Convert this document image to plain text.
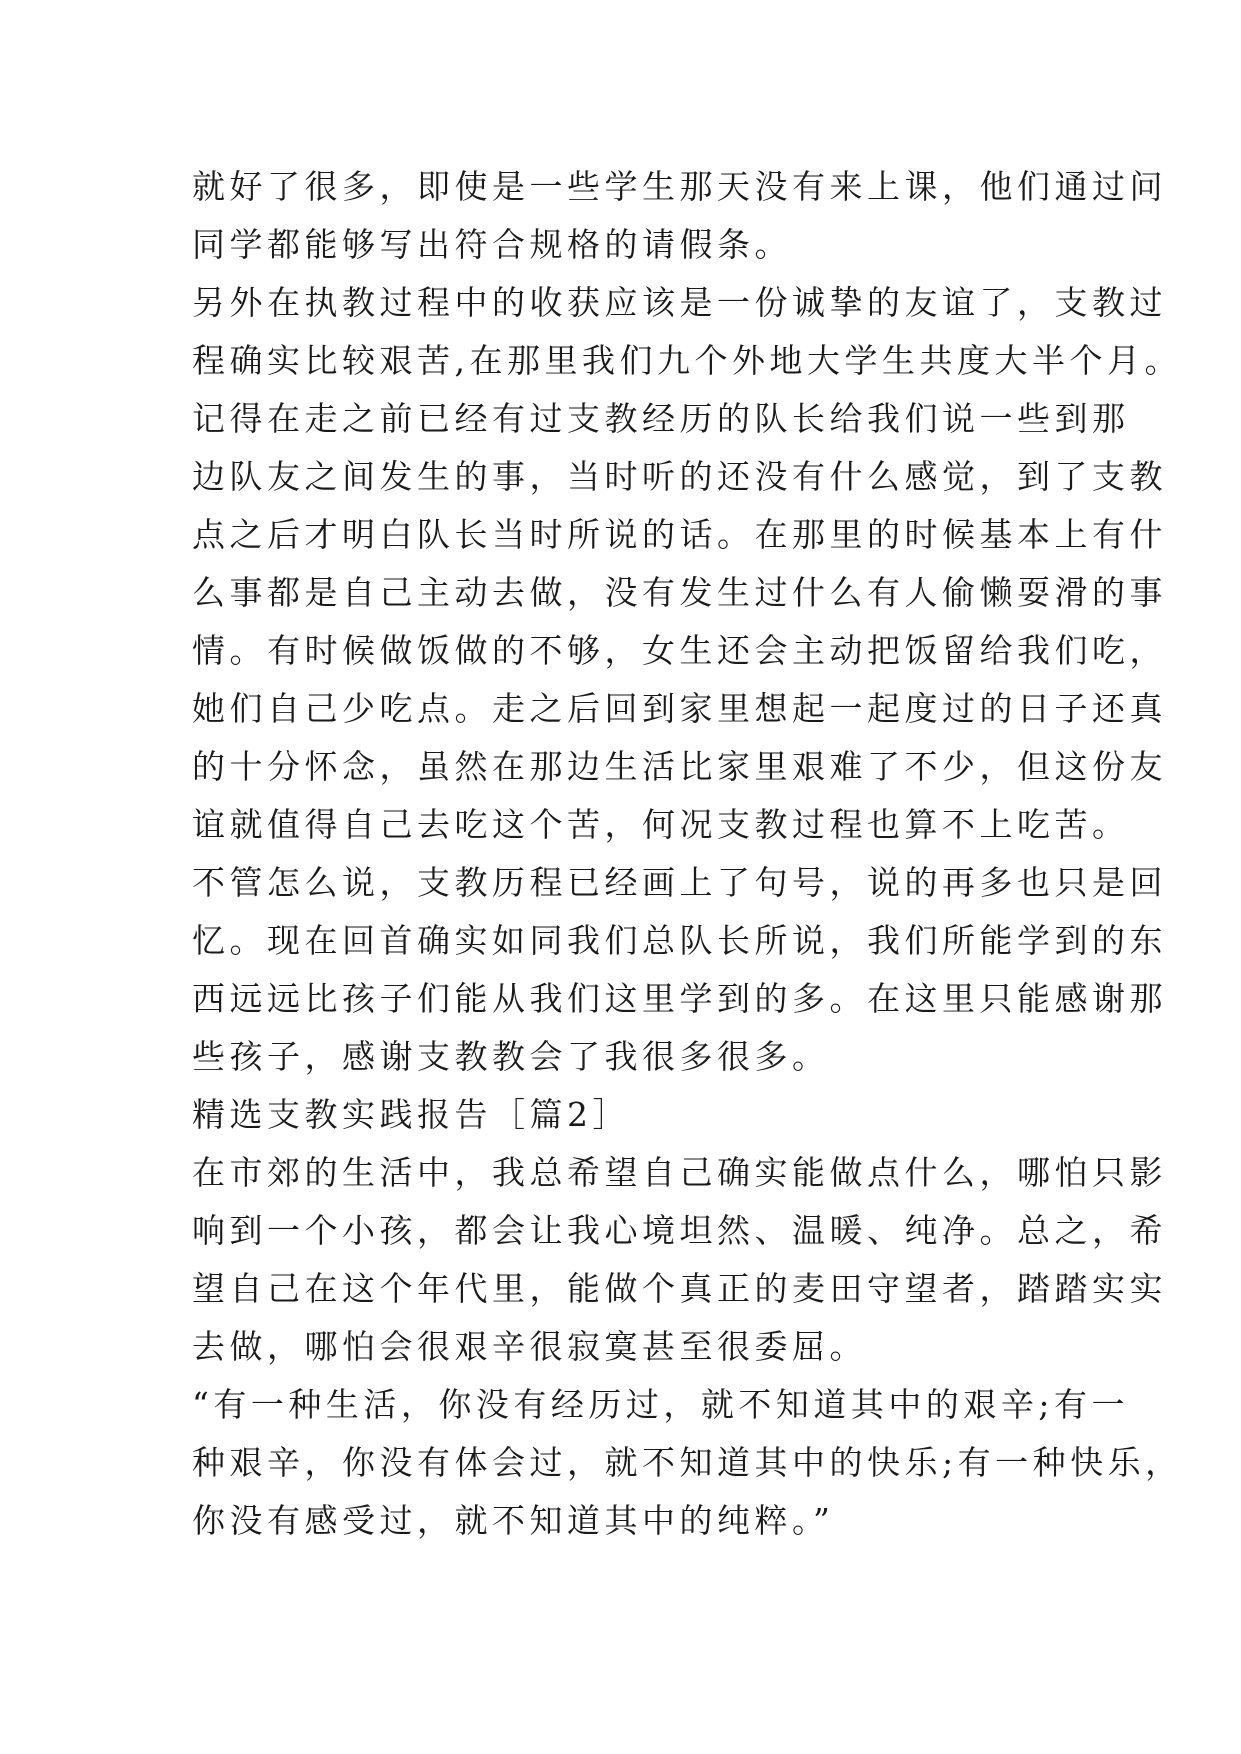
就好了很多，即使是一些学生那天没有来上课，他们通过问
同学都能够写出符合规格的请假条。
另外在执教过程中的收获应该是一份诚挚的友谊了，支教过
程确实比较艰苦,在那里我们九个外地大学生共度大半个月。
记得在走之前已经有过支教经历的队长给我们说一些到那
边队友之间发生的事，当时听的还没有什么感觉，到了支教
点之后才明白队长当时所说的话。在那里的时候基本上有什
么事都是自己主动去做，没有发生过什么有人偷懒耍滑的事
情。有时候做饭做的不够，女生还会主动把饭留给我们吃，
她们自己少吃点。走之后回到家里想起一起度过的日子还真
的十分怀念，虽然在那边生活比家里艰难了不少，但这份友
谊就值得自己去吃这个苦，何况支教过程也算不上吃苦。
不管怎么说，支教历程已经画上了句号，说的再多也只是回
忆。现在回首确实如同我们总队长所说，我们所能学到的东
西远远比孩子们能从我们这里学到的多。在这里只能感谢那
些孩子，感谢支教教会了我很多很多。
精选支教实践报告［篇2］
在市郊的生活中，我总希望自己确实能做点什么，哪怕只影
响到一个小孩，都会让我心境坦然、温暖、纯净。总之，希
望自己在这个年代里，能做个真正的麦田守望者，踏踏实实
去做，哪怕会很艰辛很寂寞甚至很委屈。
“有一种生活，你没有经历过，就不知道其中的艰辛;有一
种艰辛，你没有体会过，就不知道其中的快乐;有一种快乐，
你没有感受过，就不知道其中的纯粹。”
